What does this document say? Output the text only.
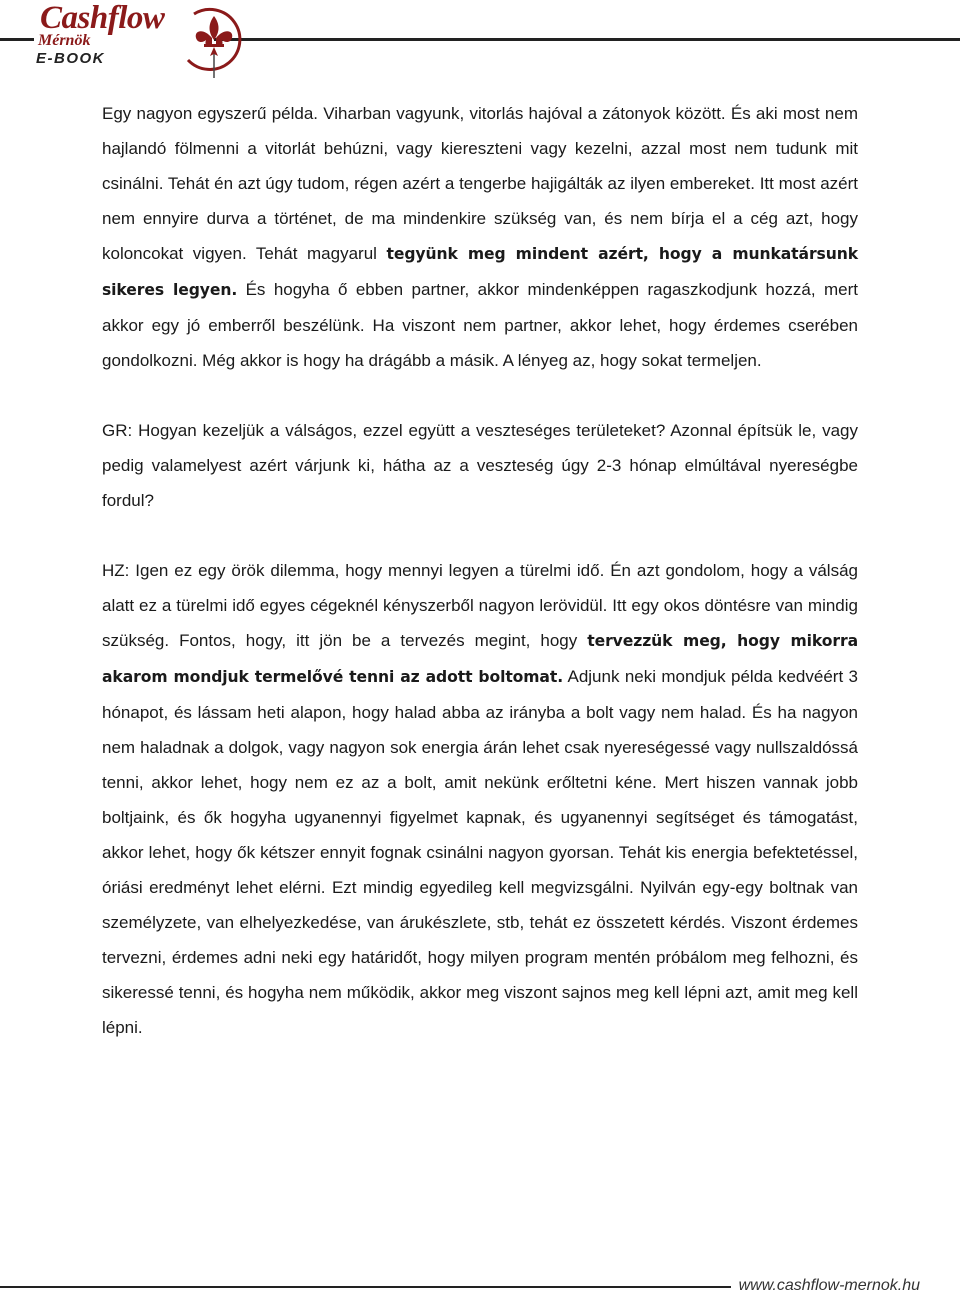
Cashflow
Mérnök
E-BOOK

Egy nagyon egyszerű példa. Viharban vagyunk, vitorlás hajóval a zátonyok között. És aki most nem hajlandó fölmenni a vitorlát behúzni, vagy kiereszteni vagy kezelni, azzal most nem tudunk mit csinálni. Tehát én azt úgy tudom, régen azért a tengerbe hajigálták az ilyen embereket. Itt most azért nem ennyire durva a történet, de ma mindenkire szükség van, és nem bírja el a cég azt, hogy koloncokat vigyen. Tehát magyarul tegyünk meg mindent azért, hogy a munkatársunk sikeres legyen. És hogyha ő ebben partner, akkor mindenképpen ragaszkodjunk hozzá, mert akkor egy jó emberről beszélünk. Ha viszont nem partner, akkor lehet, hogy érdemes cserében gondolkozni. Még akkor is hogy ha drágább a másik. A lényeg az, hogy sokat termeljen.

GR: Hogyan kezeljük a válságos, ezzel együtt a veszteséges területeket? Azonnal építsük le, vagy pedig valamelyest azért várjunk ki, hátha az a veszteség úgy 2-3 hónap elmúltával nyereségbe fordul?

HZ: Igen ez egy örök dilemma, hogy mennyi legyen a türelmi idő. Én azt gondolom, hogy a válság alatt ez a türelmi idő egyes cégeknél kényszerből nagyon lerövidül. Itt egy okos döntésre van mindig szükség. Fontos, hogy, itt jön be a tervezés megint, hogy tervezzük meg, hogy mikorra akarom mondjuk termelővé tenni az adott boltomat. Adjunk neki mondjuk példa kedvéért 3 hónapot, és lássam heti alapon, hogy halad abba az irányba a bolt vagy nem halad. És ha nagyon nem haladnak a dolgok, vagy nagyon sok energia árán lehet csak nyereségessé vagy nullszaldóssá tenni, akkor lehet, hogy nem ez az a bolt, amit nekünk erőltetni kéne. Mert hiszen vannak jobb boltjaink, és ők hogyha ugyanennyi figyelmet kapnak, és ugyanennyi segítséget és támogatást, akkor lehet, hogy ők kétszer ennyit fognak csinálni nagyon gyorsan. Tehát kis energia befektetéssel, óriási eredményt lehet elérni. Ezt mindig egyedileg kell megvizsgálni. Nyilván egy-egy boltnak van személyzete, van elhelyezkedése, van árukészlete, stb, tehát ez összetett kérdés. Viszont érdemes tervezni, érdemes adni neki egy határidőt, hogy milyen program mentén próbálom meg felhozni, és sikeressé tenni, és hogyha nem működik, akkor meg viszont sajnos meg kell lépni azt, amit meg kell lépni.

www.cashflow-mernok.hu
